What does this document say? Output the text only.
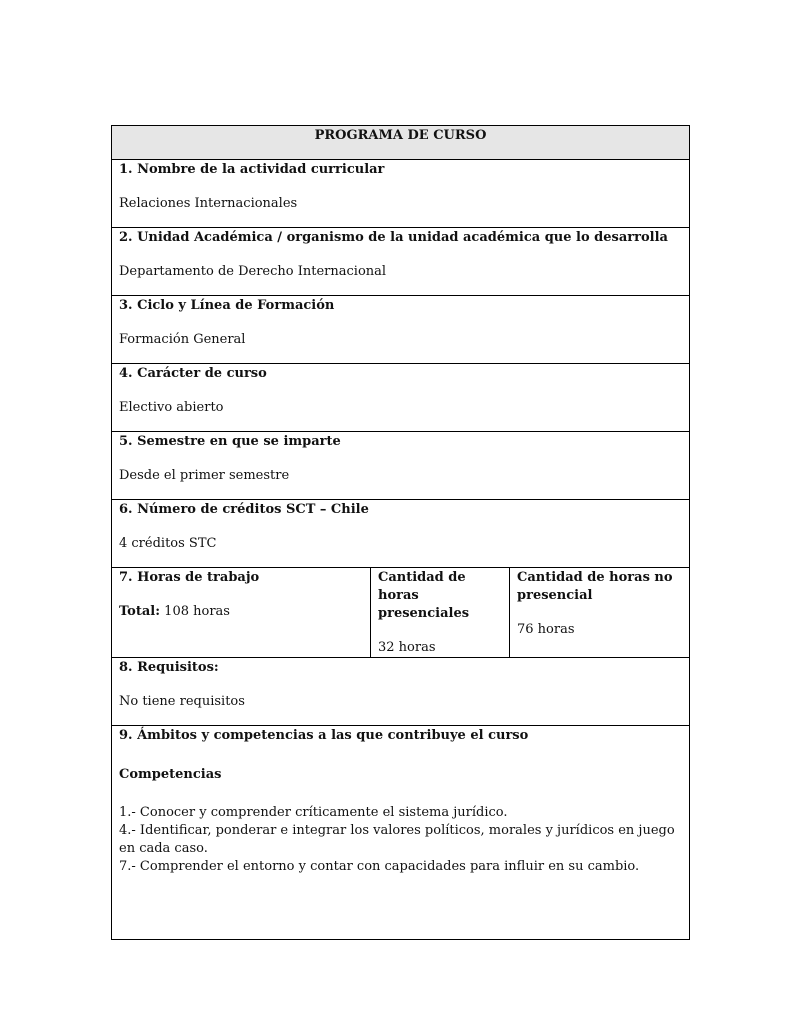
PROGRAMA DE CURSO

1. Nombre de la actividad curricular
Relaciones Internacionales

2. Unidad Académica / organismo de la unidad académica que lo desarrolla
Departamento de Derecho Internacional

3. Ciclo y Línea de Formación
Formación General

4. Carácter de curso
Electivo abierto

5. Semestre en que se imparte
Desde el primer semestre

6. Número de créditos SCT – Chile
4 créditos STC

7. Horas de trabajo
Total: 108 horas

Cantidad de horas presenciales
32 horas

Cantidad de horas no presencial
76 horas

8. Requisitos:
No tiene requisitos

9. Ámbitos y competencias a las que contribuye el curso
Competencias

1.- Conocer y comprender críticamente el sistema jurídico.

4.- Identificar, ponderar e integrar los valores políticos, morales y jurídicos en juego en cada caso.

7.- Comprender el entorno y contar con capacidades para influir en su cambio.
